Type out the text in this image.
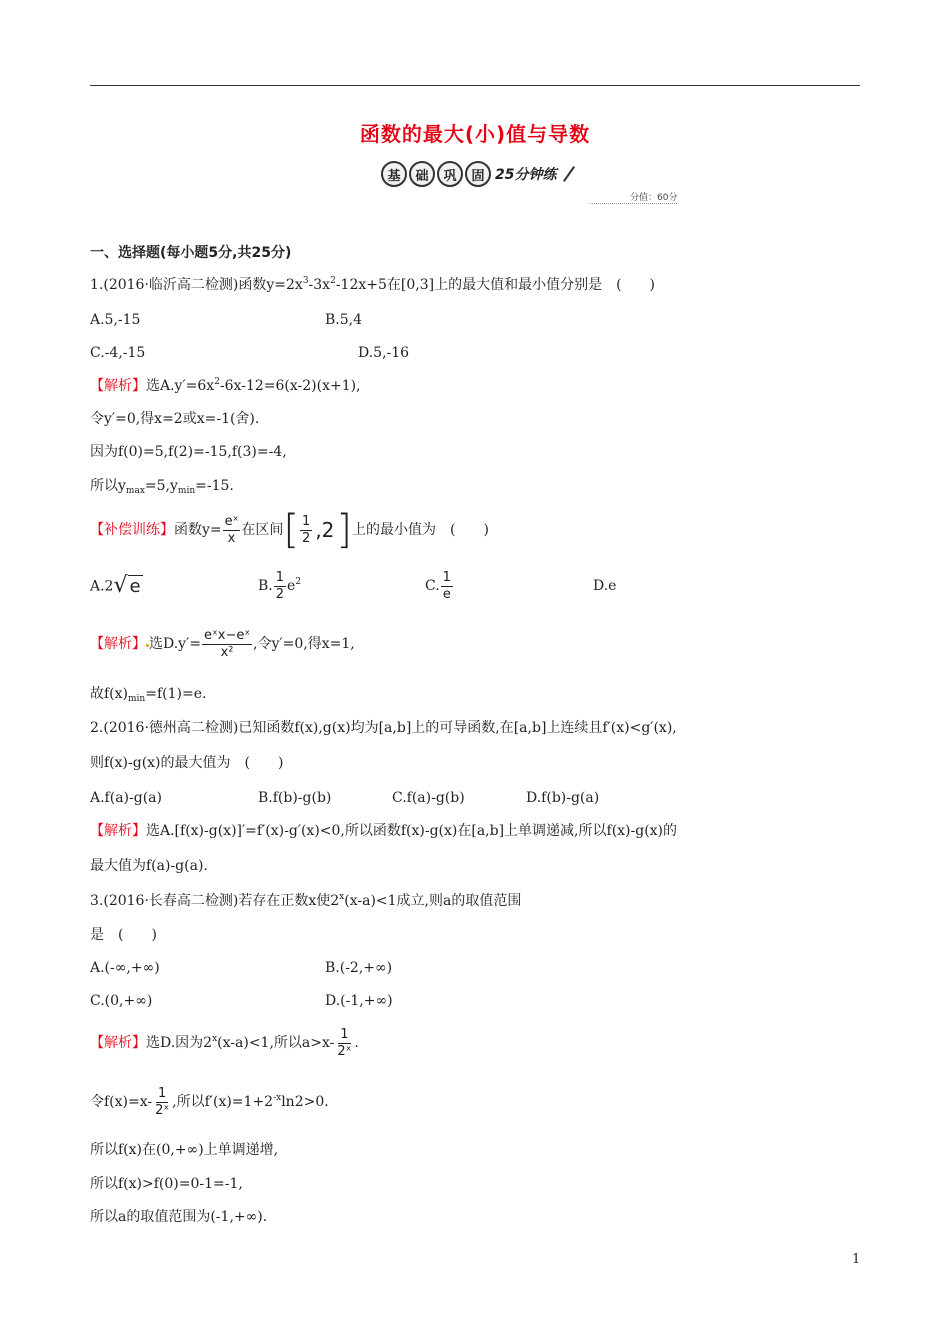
函数的最大(小)值与导数
基	础	巩	固 25分钟练
分值：60分
一、选择题(每小题5分,共25分)
1.(2016·临沂高二检测)函数$y=2x^3-3x^2-12x+5$在[0,3]上的最大值和最小值分别是　(　　)
A.5,-15	B.5,4
C.-4,-15	D.5,-16
【解析】选$A.y'=6x^2-6x-12=6(x-2)(x+1)$,
令y′=0,得x=2或x=-1(舍).
因为f(0)=5,f(2)=-15,f(3)=-4,
所以$y_{max}=5,y_{min}=-15$.
【补偿训练】函数$y= \frac{\text{eˣ}}{x}$ 在区间 [ $\frac{1}{2} ,2$ ] 上的最小值为　(　　)
A.2√ e	B. $\frac{1}{2} e^2$	C. $\frac{1}{e}$	D.e
【解析】 选$D.y'= \frac{\text{eˣx−eˣ}}{\text{x²}}$ ,令y′=0,得x=1,
故$f(x)_{min}=f(1)=e$.
2.(2016·德州高二检测)已知函数f(x),g(x)均为[a,b]上的可导函数,在[a,b]上连续且f′(x)<g′(x),
则f(x)-g(x)的最大值为　(　　)
A.f(a)-g(a)	B.f(b)-g(b)	C.f(a)-g(b)	D.f(b)-g(a)
【解析】选A.[f(x)-g(x)]′=f′(x)-g′(x)<0,所以函数f(x)-g(x)在[a,b]上单调递减,所以f(x)-g(x)的
最大值为f(a)-g(a).
3.(2016·长春高二检测)若存在正数x使$2^x(x-a)<1$成立,则a的取值范围
是　(　　)
A.(-∞,+∞)	B.(-2,+∞)
C.(0,+∞)	D.(-1,+∞)
【解析】选D.因为$2^x(x-a)<1$,所以$a>x- \frac{1}{\text{2ˣ}}$ .
令$f(x)=x- \frac{1}{\text{2ˣ}}$ ,所以$f'(x)=1+2^{-x}\ln 2>0$.
所以f(x)在(0,+∞)上单调递增,
所以f(x)>f(0)=0-1=-1,
所以a的取值范围为(-1,+∞).
1
